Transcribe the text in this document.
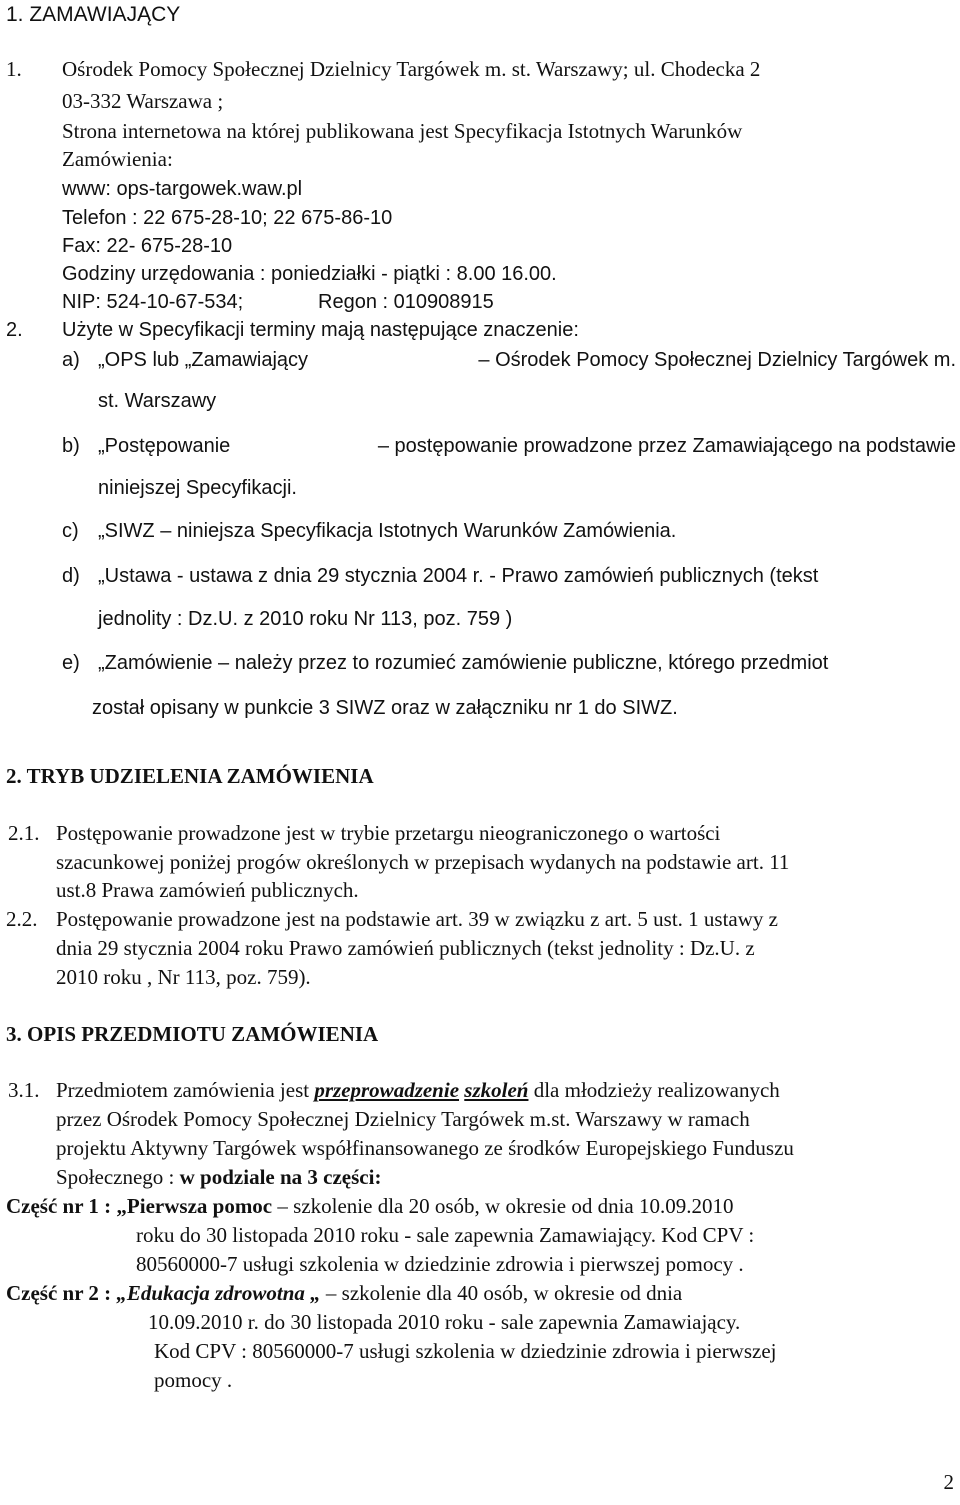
1. ZAMAWIAJĄCY
1. Ośrodek Pomocy Społecznej Dzielnicy Targówek m. st. Warszawy; ul. Chodecka 2
03-332 Warszawa ;
Strona internetowa na której publikowana jest Specyfikacja Istotnych Warunków
Zamówienia:
www: ops-targowek.waw.pl
Telefon : 22 675-28-10; 22 675-86-10
Fax: 22- 675-28-10
Godziny urzędowania : poniedziałki - piątki : 8.00 16.00.
NIP: 524-10-67-534;	Regon : 010908915
2. Użyte w Specyfikacji terminy mają następujące znaczenie:
a) „OPS lub „Zamawiający	– Ośrodek Pomocy Społecznej Dzielnicy Targówek m.
st. Warszawy
b) „Postępowanie	– postępowanie prowadzone przez Zamawiającego na podstawie
niniejszej Specyfikacji.
c) „SIWZ – niniejsza Specyfikacja Istotnych Warunków Zamówienia.
d) „Ustawa - ustawa z dnia 29 stycznia 2004 r. - Prawo zamówień publicznych (tekst
jednolity : Dz.U. z 2010 roku Nr 113, poz. 759 )
e) „Zamówienie – należy przez to rozumieć zamówienie publiczne, którego przedmiot
został opisany w punkcie 3 SIWZ oraz w załączniku nr 1 do SIWZ.
2. TRYB UDZIELENIA ZAMÓWIENIA
2.1. Postępowanie prowadzone jest w trybie przetargu nieograniczonego o wartości
szacunkowej poniżej progów określonych w przepisach wydanych na podstawie art. 11
ust.8 Prawa zamówień publicznych.
2.2. Postępowanie prowadzone jest na podstawie art. 39 w związku z art. 5 ust. 1 ustawy z
dnia 29 stycznia 2004 roku Prawo zamówień publicznych (tekst jednolity : Dz.U. z
2010 roku , Nr 113, poz. 759).
3. OPIS PRZEDMIOTU ZAMÓWIENIA
3.1. Przedmiotem zamówienia jest przeprowadzenie szkoleń dla młodzieży realizowanych
przez Ośrodek Pomocy Społecznej Dzielnicy Targówek m.st. Warszawy w ramach
projektu Aktywny Targówek współfinansowanego ze środków Europejskiego Funduszu
Społecznego : w podziale na 3 części:
Część nr 1 : „Pierwsza pomoc – szkolenie dla 20 osób, w okresie od dnia 10.09.2010
roku do 30 listopada 2010 roku - sale zapewnia Zamawiający. Kod CPV :
80560000-7 usługi szkolenia w dziedzinie zdrowia i pierwszej pomocy .
Część nr 2 : „Edukacja zdrowotna „ – szkolenie dla 40 osób, w okresie od dnia
10.09.2010 r. do 30 listopada 2010 roku - sale zapewnia Zamawiający.
Kod CPV : 80560000-7 usługi szkolenia w dziedzinie zdrowia i pierwszej
pomocy .
2
